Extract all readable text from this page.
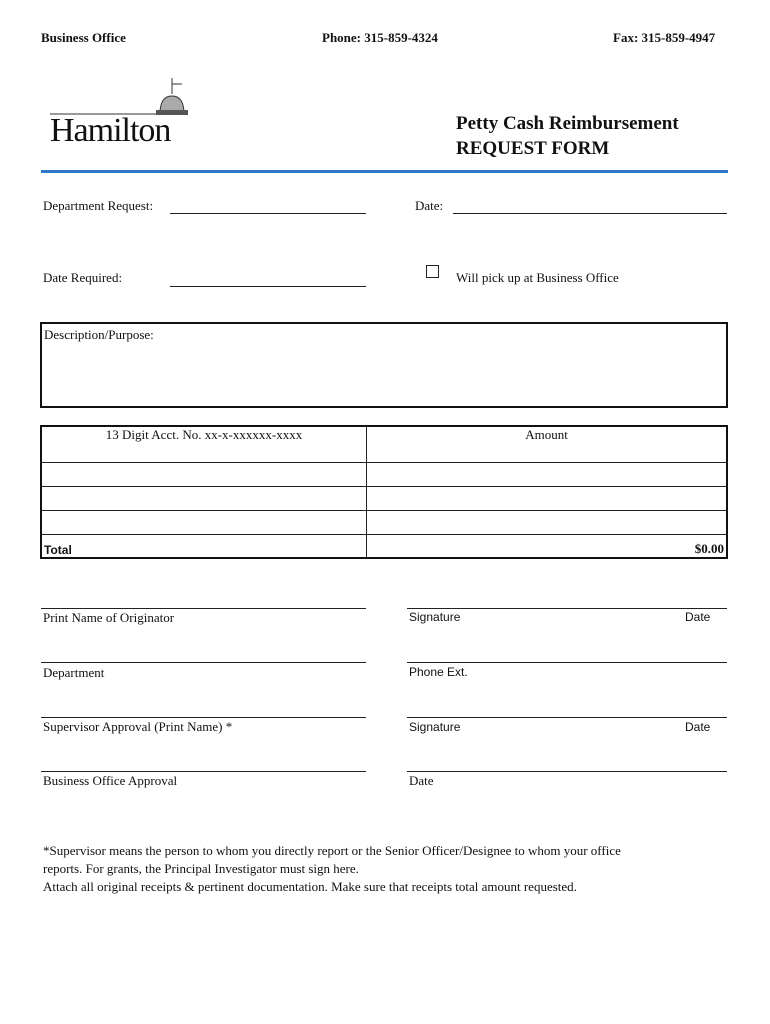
Business Office	Phone: 315-859-4324	Fax: 315-859-4947
Hamilton	Petty Cash Reimbursement
REQUEST FORM
Department Request:	Date:
Date Required:	Will pick up at Business Office
Description/Purpose:
13 Digit Acct. No. xx-x-xxxxxx-xxxx	Amount

Total	$0.00
Print Name of Originator	Signature	Date
Department	Phone Ext.
Supervisor Approval (Print Name) *	Signature	Date
Business Office Approval	Date
*Supervisor means the person to whom you directly report or the Senior Officer/Designee to whom your office
reports. For grants, the Principal Investigator must sign here.
Attach all original receipts & pertinent documentation. Make sure that receipts total amount requested.
